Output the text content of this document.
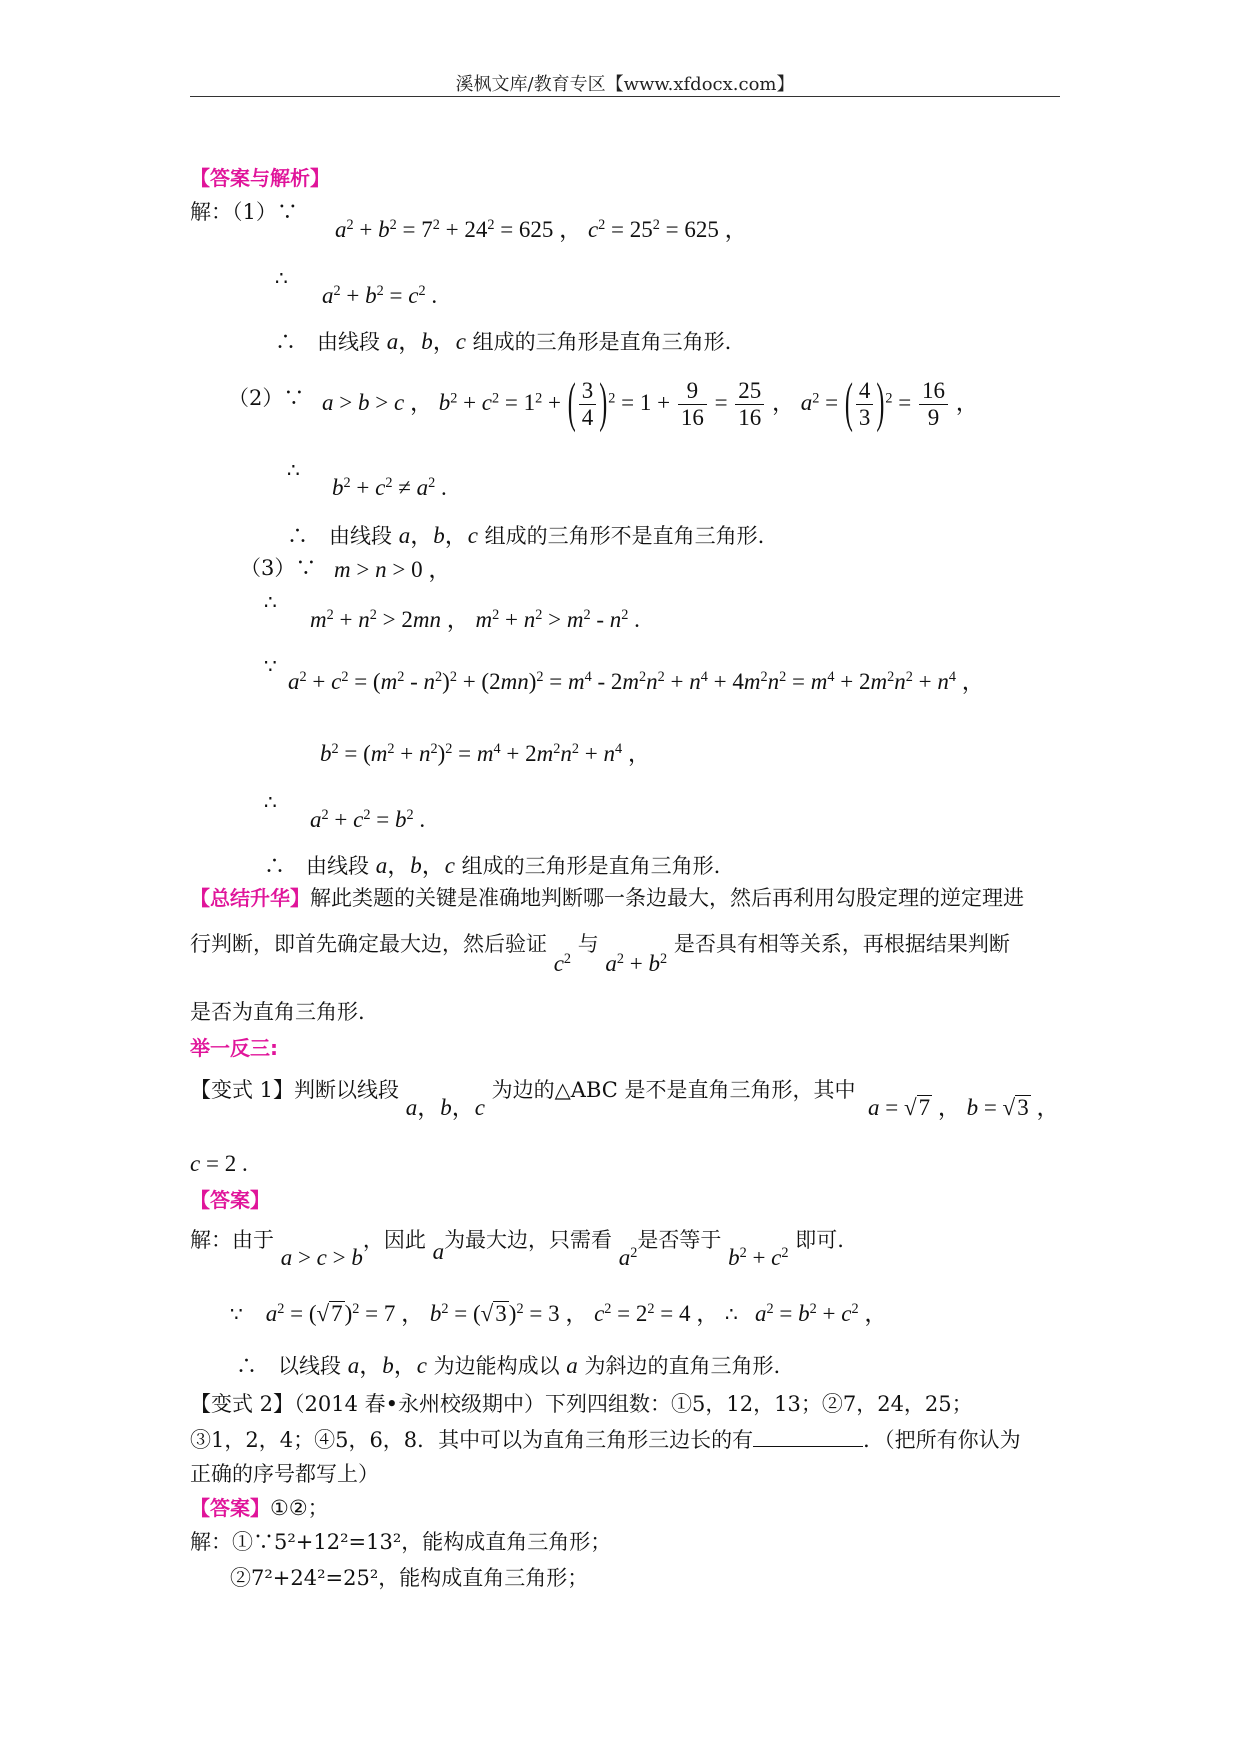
溪枫文库/教育专区【www.xfdocx.com】
【答案与解析】
解：（1）∵
$a^2 + b^2 = 7^2 + 24^2 = 625$ ， $c^2 = 25^2 = 625$ ，
∴
$a^2 + b^2 = c^2$ .
∴　由线段 a，b，c 组成的三角形是直角三角形.
（2）∵ a > b > c ， $b^2 + c^2 = 1^2$ + ( $\frac{3}{4} )^2 = 1 + \frac{9}{16} = \frac{25}{16}$ ， $a^2$ = ( $\frac{4}{3} )^2 = \frac{16}{9}$ ，
∴
$b^2 + c^2 \ne a^2$ .
∴　由线段 a，b，c 组成的三角形不是直角三角形.
（3）∵ m > n > 0 ，
∴
$m^2 + n^2 > 2mn$ ， $m^2 + n^2 > m^2 - n^2$ .
∵
$a^2 + c^2 = (m^2 - n^2)^2 + (2mn)^2 = m^4 - 2m^2n^2 + n^4 + 4m^2n^2 = m^4 + 2m^2n^2 + n^4$ ，
$b^2 = (m^2 + n^2)^2 = m^4 + 2m^2n^2 + n^4$ ，
∴
$a^2 + c^2 = b^2$ .
∴　由线段 a，b，c 组成的三角形是直角三角形.
【总结升华】解此类题的关键是准确地判断哪一条边最大，然后再利用勾股定理的逆定理进
行判断，即首先确定最大边，然后验证 $c^2$ 与 $a^2 + b^2$ 是否具有相等关系，再根据结果判断
是否为直角三角形.
举一反三:
【变式 1】判断以线段 a，b，c 为边的△ABC 是不是直角三角形，其中  a = √7 ， b = √3 ，
c = 2 .
【答案】
解：由于 a > c > b，因此 a为最大边，只需看 $a^2$是否等于 $b^2 + c^2$ 即可.
∵ $a^2 = (√7)^2 = 7$ ， $b^2 = (√3)^2 = 3$ ， $c^2 = 2^2 = 4$ ， ∴ $a^2 = b^2 + c^2$ ，
∴　以线段 a，b，c 为边能构成以 a 为斜边的直角三角形.
【变式 2】（2014 春•永州校级期中）下列四组数：①5，12，13；②7，24，25；
③1，2，4；④5，6，8．其中可以为直角三角形三边长的有	．（把所有你认为
正确的序号都写上）
【答案】①②；
解：①∵5²+12²=13²，能构成直角三角形；
②7²+24²=25²，能构成直角三角形；
